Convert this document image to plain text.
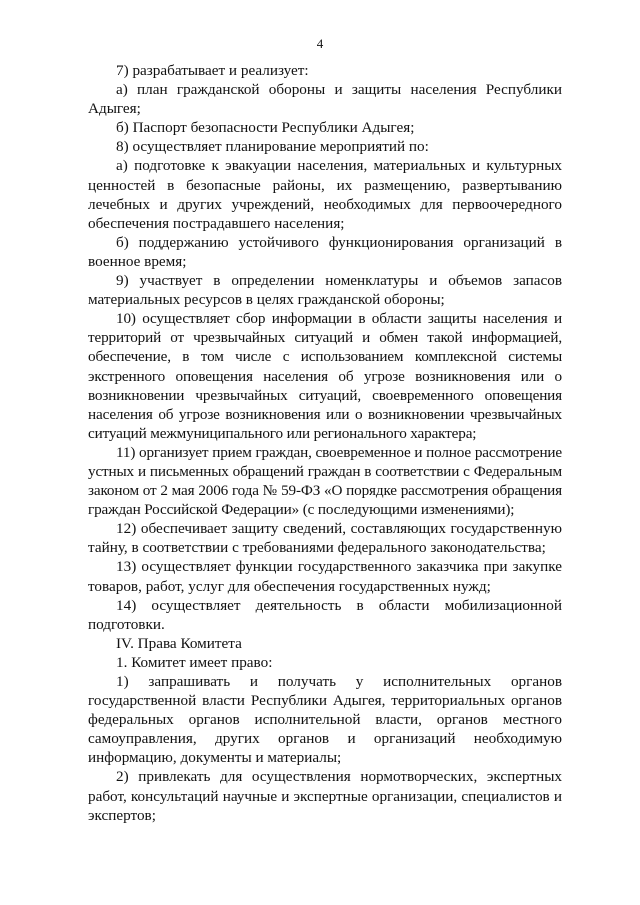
4

7) разрабатывает и реализует:

а) план гражданской обороны и защиты населения Республики Адыгея;

б) Паспорт безопасности Республики Адыгея;

8) осуществляет планирование мероприятий по:

а) подготовке к эвакуации населения, материальных и культурных ценностей в безопасные районы, их размещению, развертыванию лечебных и других учреждений, необходимых для первоочередного обеспечения пострадавшего населения;

б) поддержанию устойчивого функционирования организаций в военное время;

9) участвует в определении номенклатуры и объемов запасов материальных ресурсов в целях гражданской обороны;

10) осуществляет сбор информации в области защиты населения и территорий от чрезвычайных ситуаций и обмен такой информацией, обеспечение, в том числе с использованием комплексной системы экстренного оповещения населения об угрозе возникновения или о возникновении чрезвычайных ситуаций, своевременного оповещения населения об угрозе возникновения или о возникновении чрезвычайных ситуаций межмуниципального или регионального характера;

11) организует прием граждан, своевременное и полное рассмотрение устных и письменных обращений граждан в соответствии с Федеральным законом от 2 мая 2006 года № 59-ФЗ «О порядке рассмотрения обращения граждан Российской Федерации» (с последующими изменениями);

12) обеспечивает защиту сведений, составляющих государственную тайну, в соответствии с требованиями федерального законодательства;

13) осуществляет функции государственного заказчика при закупке товаров, работ, услуг для обеспечения государственных нужд;

14) осуществляет деятельность в области мобилизационной подготовки.

IV. Права Комитета

1. Комитет имеет право:

1) запрашивать и получать у исполнительных органов государственной власти Республики Адыгея, территориальных органов федеральных органов исполнительной власти, органов местного самоуправления, других органов и организаций необходимую информацию, документы и материалы;

2) привлекать для осуществления нормотворческих, экспертных работ, консультаций научные и экспертные организации, специалистов и экспертов;
